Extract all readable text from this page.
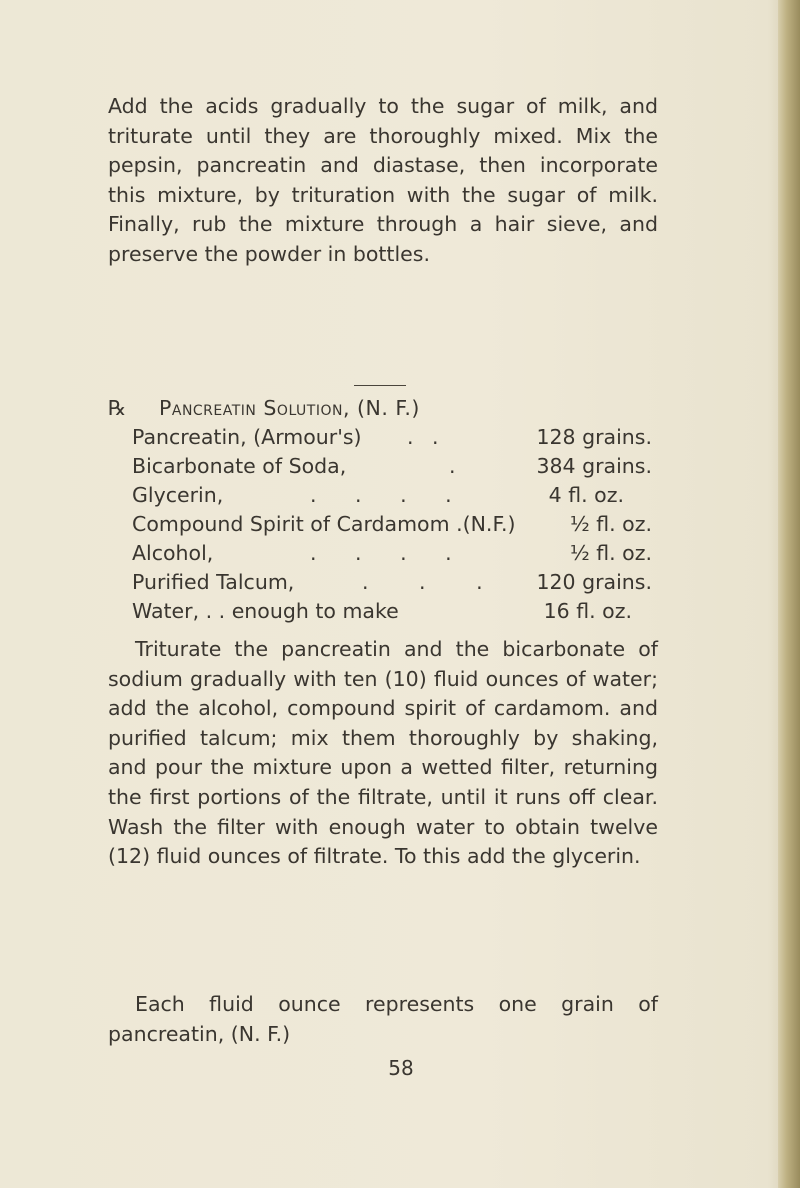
Add the acids gradually to the sugar of milk, and triturate until they are thoroughly mixed. Mix the pepsin, pancreatin and diastase, then incorporate this mixture, by trituration with the sugar of milk. Finally, rub the mixture through a hair sieve, and preserve the powder in bottles.

℞ Pancreatin Solution, (N. F.)
Pancreatin, (Armour's) . .	128 grains.
Bicarbonate of Soda,	.	384 grains.
Glycerin,	. . . .	4 fl. oz.
Compound Spirit of Cardamom .(N.F.)	½ fl. oz.
Alcohol,	. . . .	½ fl. oz.
Purified Talcum,	. . . 120 grains.
Water, . . enough to make	16 fl. oz.

Triturate the pancreatin and the bicarbonate of sodium gradually with ten (10) fluid ounces of water; add the alcohol, compound spirit of cardamom. and purified talcum; mix them thoroughly by shaking, and pour the mixture upon a wetted filter, returning the first portions of the filtrate, until it runs off clear. Wash the filter with enough water to obtain twelve (12) fluid ounces of filtrate. To this add the glycerin.

Each fluid ounce represents one grain of pancreatin, (N. F.)

58
